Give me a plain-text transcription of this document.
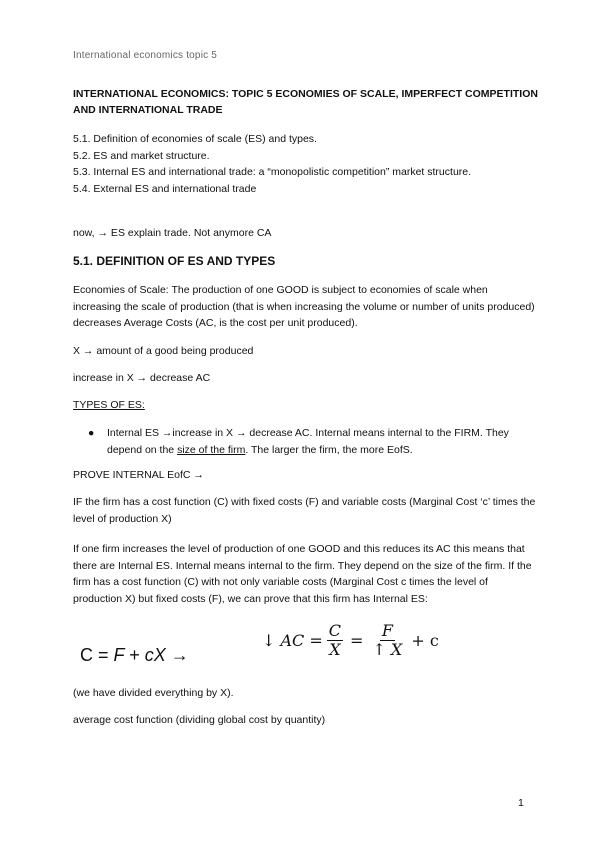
International economics topic 5
INTERNATIONAL ECONOMICS: TOPIC 5 ECONOMIES OF SCALE, IMPERFECT COMPETITION AND INTERNATIONAL TRADE
5.1. Definition of economies of scale (ES) and types.
5.2. ES and market structure.
5.3. Internal ES and international trade: a “monopolistic competition” market structure.
5.4. External ES and international trade
now, → ES explain trade. Not anymore CA
5.1. DEFINITION OF ES AND TYPES
Economies of Scale: The production of one GOOD is subject to economies of scale when increasing the scale of production (that is when increasing the volume or number of units produced) decreases Average Costs (AC, is the cost per unit produced).
X → amount of a good being produced
increase in X → decrease AC
TYPES OF ES:
● Internal ES →increase in X → decrease AC. Internal means internal to the FIRM. They depend on the size of the firm. The larger the firm, the more EofS.
PROVE INTERNAL EofC →
IF the firm has a cost function (C) with fixed costs (F) and variable costs (Marginal Cost ‘c’ times the level of production X)
If one firm increases the level of production of one GOOD and this reduces its AC this means that there are Internal ES. Internal means internal to the firm. They depend on the size of the firm. If the firm has a cost function (C) with not only variable costs (Marginal Cost c times the level of production X) but fixed costs (F), we can prove that this firm has Internal ES:
C = F + cX →
↓ AC = $\frac{C}{X} = \frac{F}{↑ X} + c$
(we have divided everything by X).
average cost function (dividing global cost by quantity)
1
